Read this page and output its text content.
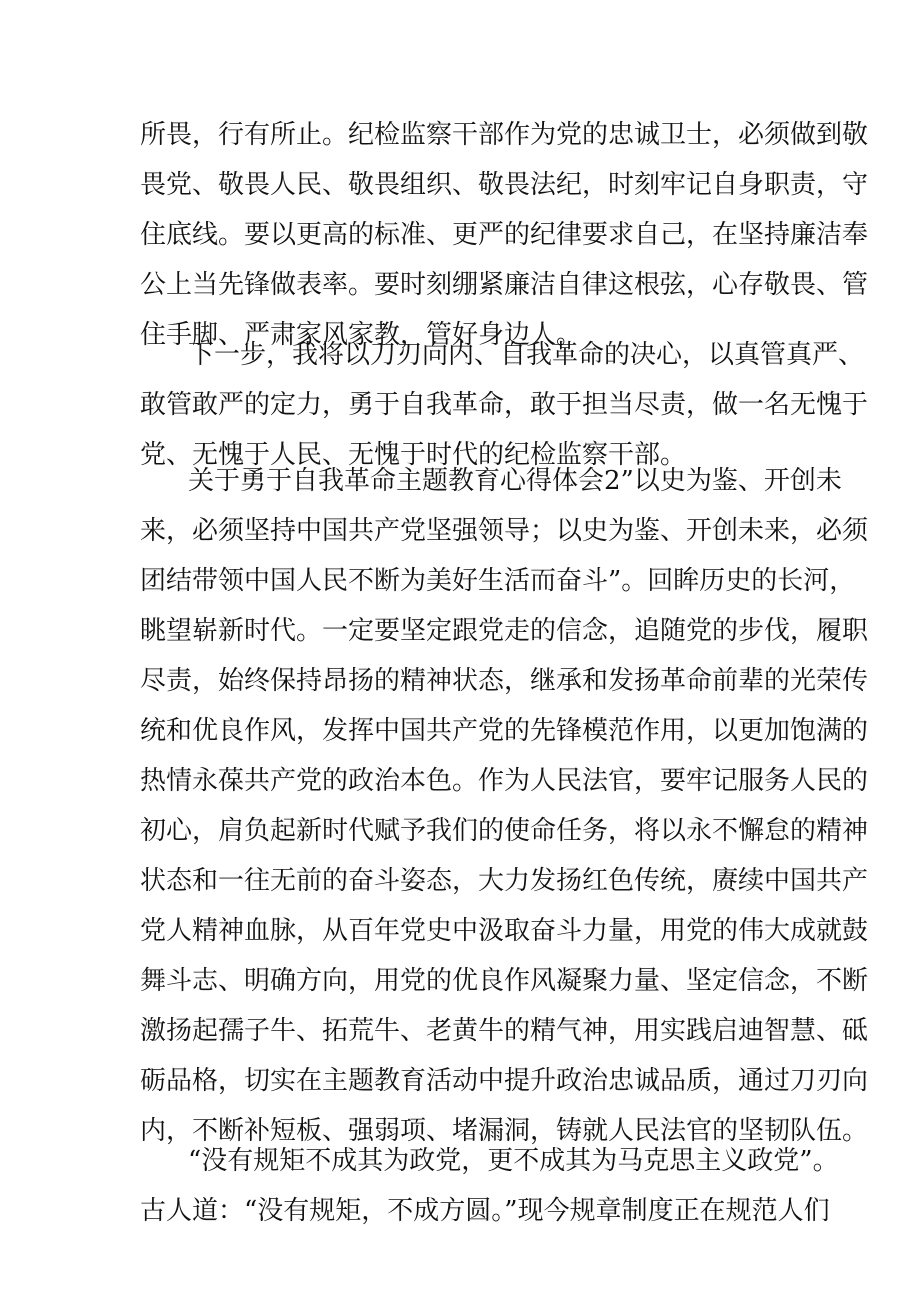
所畏，行有所止。纪检监察干部作为党的忠诚卫士，必须做到敬
畏党、敬畏人民、敬畏组织、敬畏法纪，时刻牢记自身职责，守
住底线。要以更高的标准、更严的纪律要求自己，在坚持廉洁奉
公上当先锋做表率。要时刻绷紧廉洁自律这根弦，心存敬畏、管
住手脚、严肃家风家教，管好身边人。
下一步，我将以刀刃向内、自我革命的决心，以真管真严、
敢管敢严的定力，勇于自我革命，敢于担当尽责，做一名无愧于
党、无愧于人民、无愧于时代的纪检监察干部。
关于勇于自我革命主题教育心得体会2”以史为鉴、开创未
来，必须坚持中国共产党坚强领导；以史为鉴、开创未来，必须
团结带领中国人民不断为美好生活而奋斗”。回眸历史的长河，
眺望崭新时代。一定要坚定跟党走的信念，追随党的步伐，履职
尽责，始终保持昂扬的精神状态，继承和发扬革命前辈的光荣传
统和优良作风，发挥中国共产党的先锋模范作用，以更加饱满的
热情永葆共产党的政治本色。作为人民法官，要牢记服务人民的
初心，肩负起新时代赋予我们的使命任务，将以永不懈怠的精神
状态和一往无前的奋斗姿态，大力发扬红色传统，赓续中国共产
党人精神血脉，从百年党史中汲取奋斗力量，用党的伟大成就鼓
舞斗志、明确方向，用党的优良作风凝聚力量、坚定信念，不断
激扬起孺子牛、拓荒牛、老黄牛的精气神，用实践启迪智慧、砥
砺品格，切实在主题教育活动中提升政治忠诚品质，通过刀刃向
内，不断补短板、强弱项、堵漏洞，铸就人民法官的坚韧队伍。
“没有规矩不成其为政党，更不成其为马克思主义政党”。
古人道：“没有规矩，不成方圆。”现今规章制度正在规范人们
